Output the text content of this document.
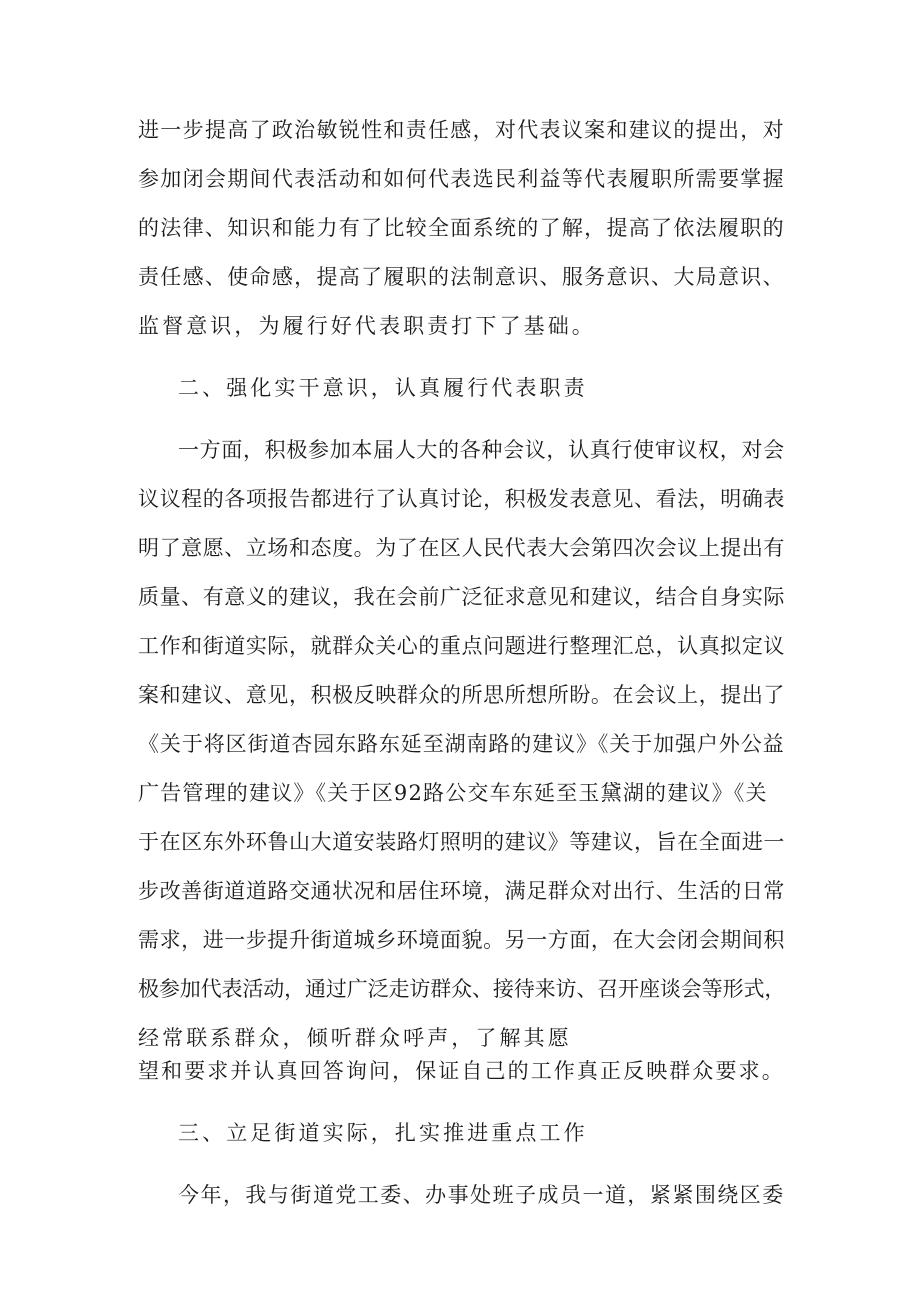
进一步提高了政治敏锐性和责任感，对代表议案和建议的提出，对
参加闭会期间代表活动和如何代表选民利益等代表履职所需要掌握
的法律、知识和能力有了比较全面系统的了解，提高了依法履职的
责任感、使命感，提高了履职的法制意识、服务意识、大局意识、
监督意识，为履行好代表职责打下了基础。
二、强化实干意识，认真履行代表职责
一方面，积极参加本届人大的各种会议，认真行使审议权，对会
议议程的各项报告都进行了认真讨论，积极发表意见、看法，明确表
明了意愿、立场和态度。为了在区人民代表大会第四次会议上提出有
质量、有意义的建议，我在会前广泛征求意见和建议，结合自身实际
工作和街道实际，就群众关心的重点问题进行整理汇总，认真拟定议
案和建议、意见，积极反映群众的所思所想所盼。在会议上，提出了
《关于将区街道杏园东路东延至湖南路的建议》《关于加强户外公益
广告管理的建议》《关于区92路公交车东延至玉黛湖的建议》《关
于在区东外环鲁山大道安装路灯照明的建议》等建议，旨在全面进一
步改善街道道路交通状况和居住环境，满足群众对出行、生活的日常
需求，进一步提升街道城乡环境面貌。另一方面，在大会闭会期间积
极参加代表活动，通过广泛走访群众、接待来访、召开座谈会等形式，
经常联系群众，倾听群众呼声，了解其愿
望和要求并认真回答询问，保证自己的工作真正反映群众要求。
三、立足街道实际，扎实推进重点工作
今年，我与街道党工委、办事处班子成员一道，紧紧围绕区委
